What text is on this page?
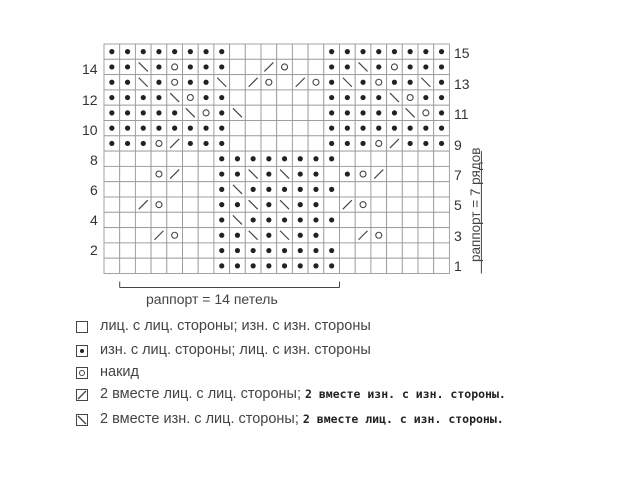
14
12
10
8
6
4
2
15
13
11
9
7
5
3
1
раппорт = 14 петель
раппорт = 7 рядов
лиц. с лиц. стороны; изн. с изн. стороны
изн. с лиц. стороны; лиц. с изн. стороны
накид
2 вместе лиц. с лиц. стороны; 2 вместе изн. с изн. стороны.
2 вместе изн. с лиц. стороны; 2 вместе лиц. с изн. стороны.
